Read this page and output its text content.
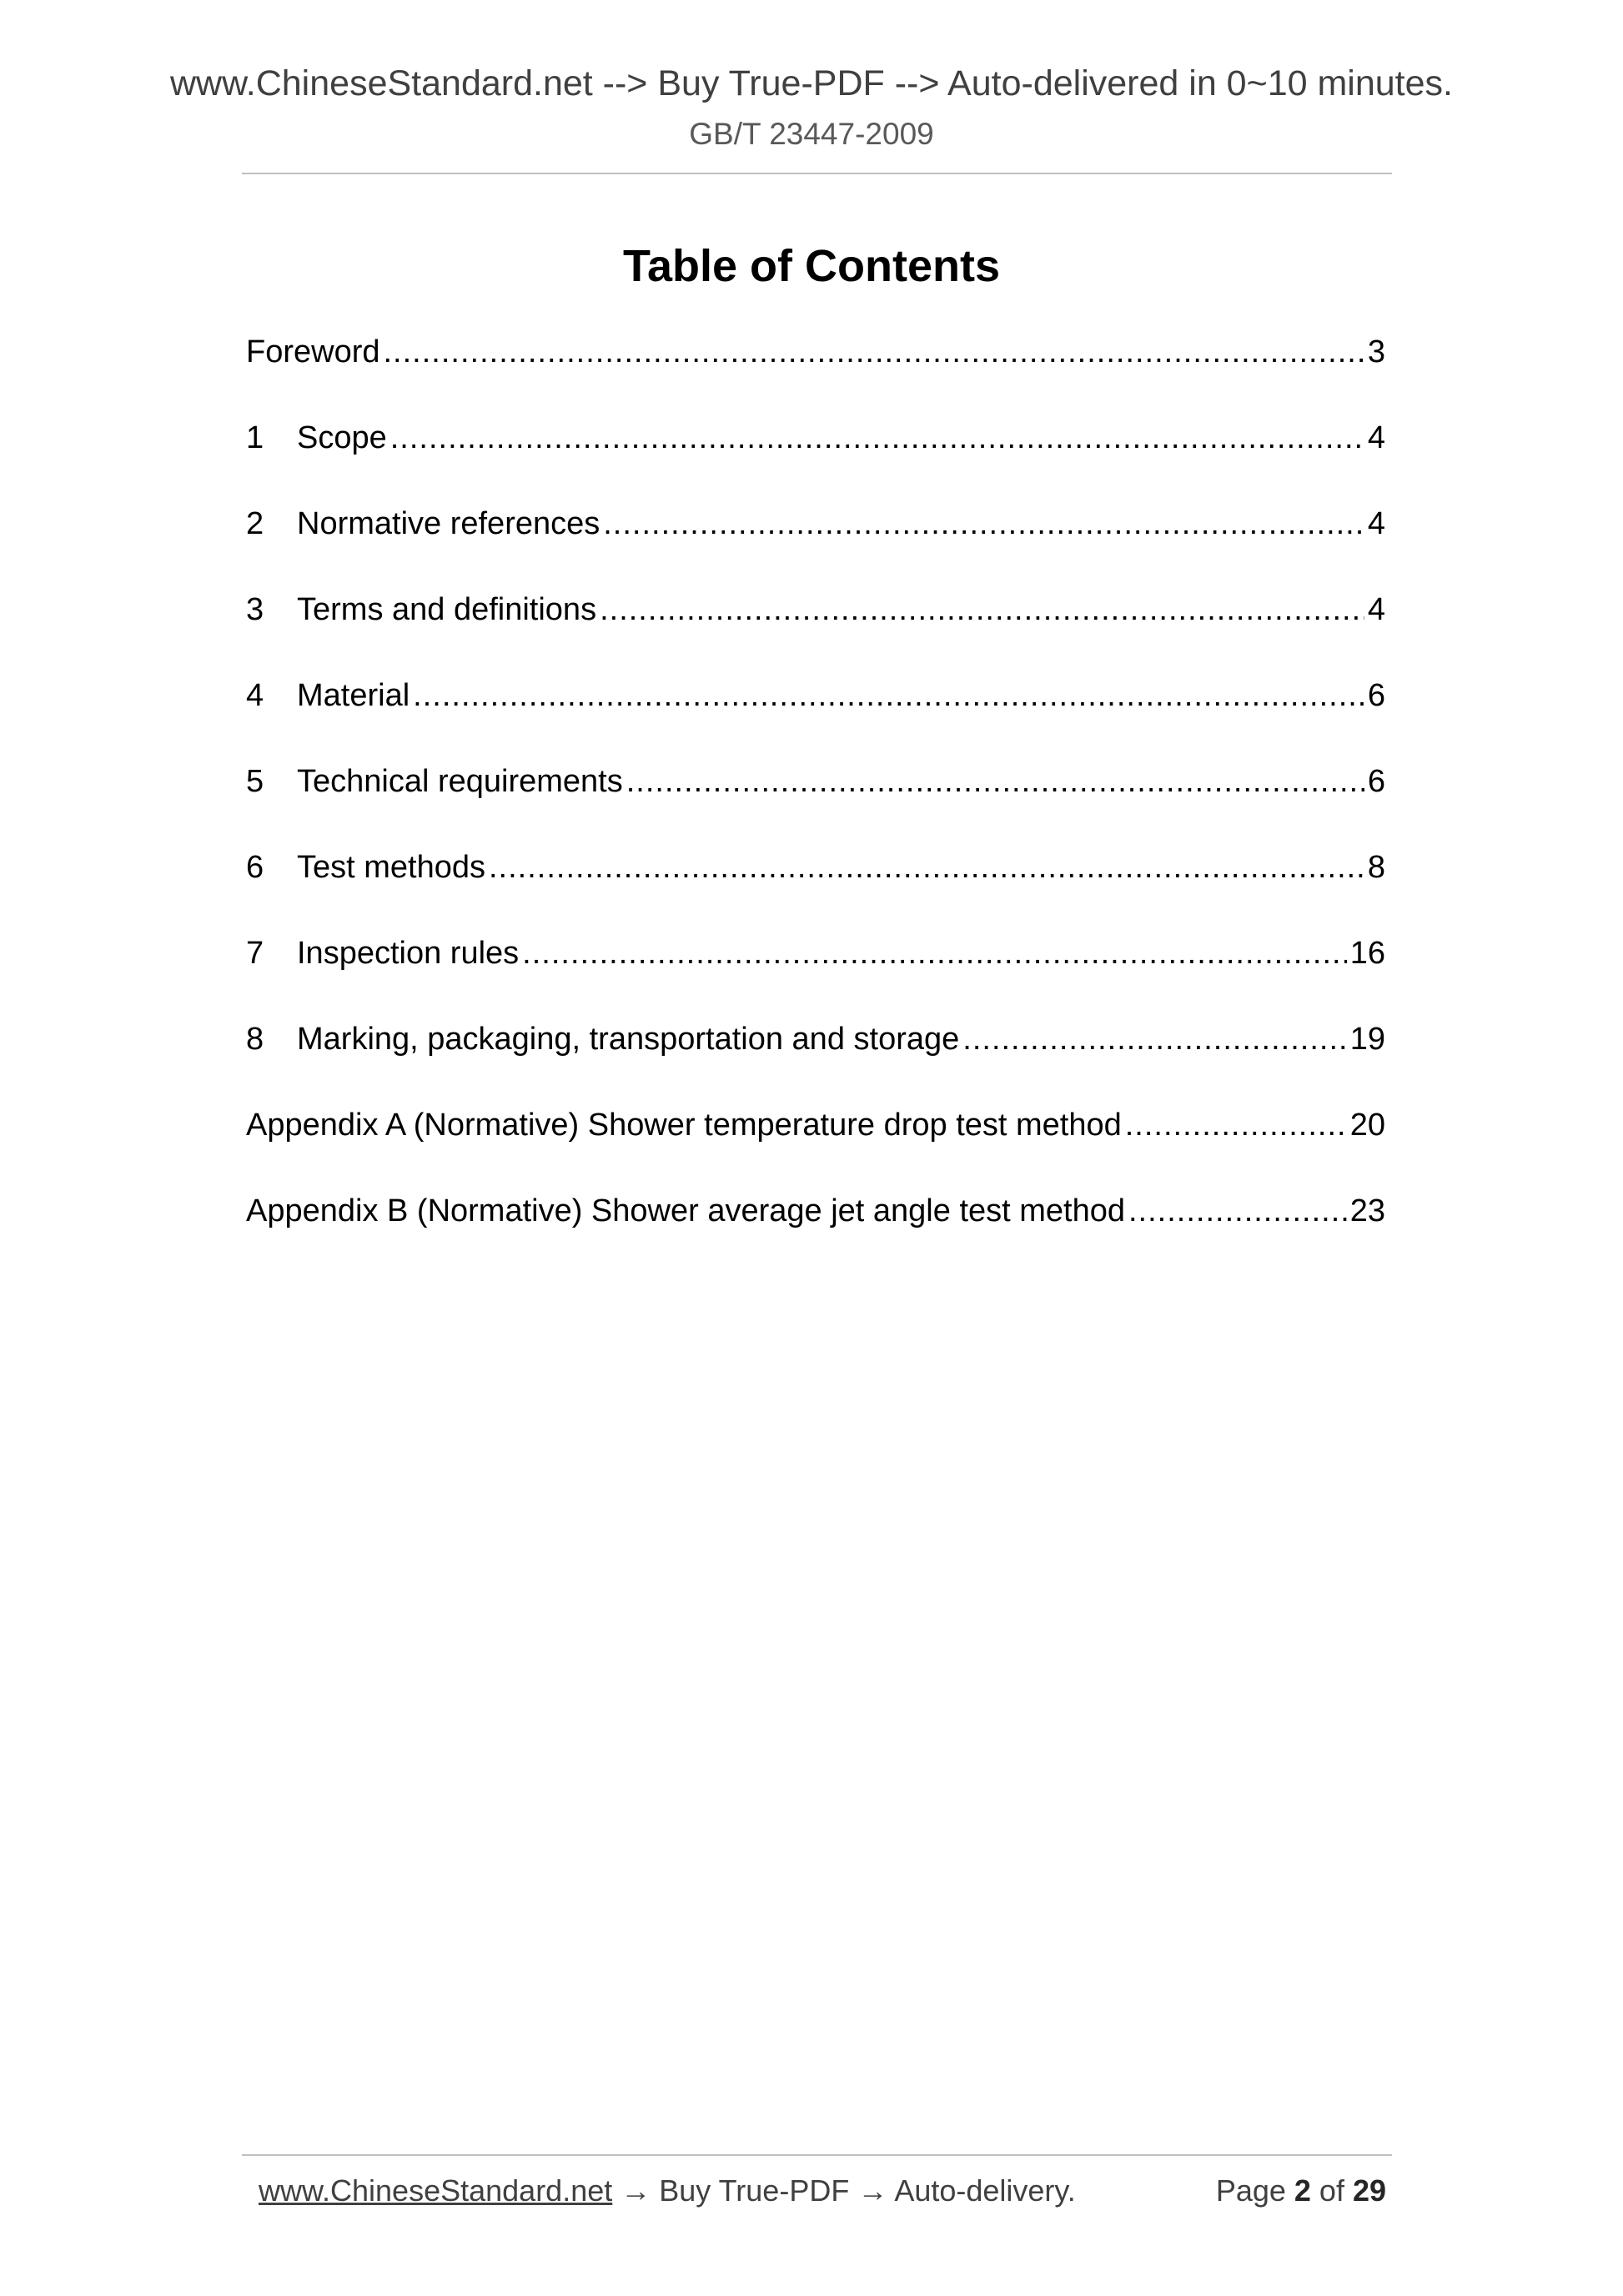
www.ChineseStandard.net --> Buy True-PDF --> Auto-delivered in 0~10 minutes.
GB/T 23447-2009
Table of Contents
Foreword .....	3
1	Scope .....	4
2	Normative references .....	4
3	Terms and definitions .....	4
4	Material .....	6
5	Technical requirements .....	6
6	Test methods .....	8
7	Inspection rules .....	16
8	Marking, packaging, transportation and storage .....	19
Appendix A (Normative) Shower temperature drop test method .....	20
Appendix B (Normative) Shower average jet angle test method .....	23
www.ChineseStandard.net → Buy True-PDF → Auto-delivery.	Page 2 of 29
